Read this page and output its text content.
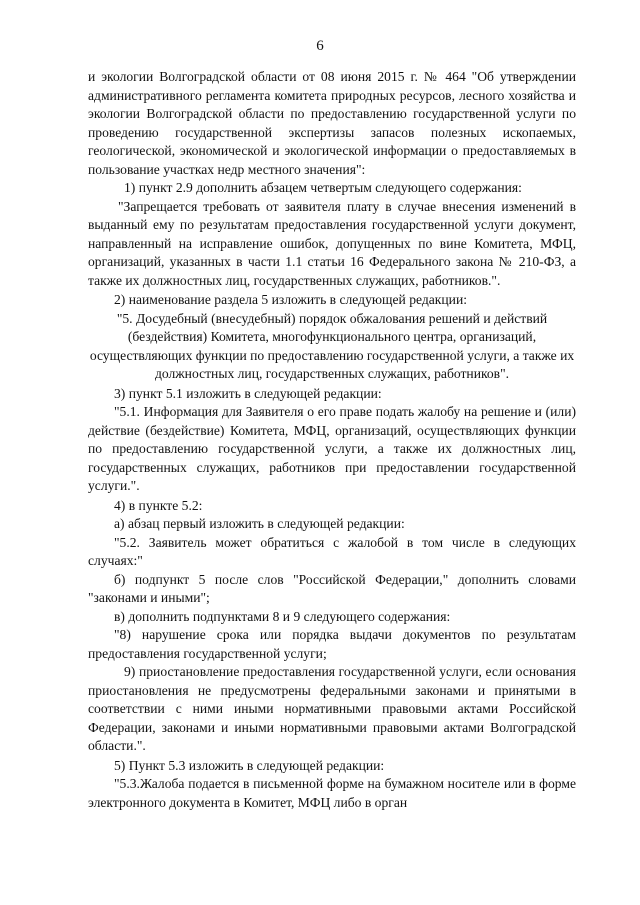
6

и экологии Волгоградской области от 08 июня 2015 г. № 464 "Об утверждении административного регламента комитета природных ресурсов, лесного хозяйства и экологии Волгоградской области по предоставлению государственной услуги по проведению государственной экспертизы запасов полезных ископаемых, геологической, экономической и экологической информации о предоставляемых в пользование участках недр местного значения":

1) пункт 2.9 дополнить абзацем четвертым следующего содержания:

"Запрещается требовать от заявителя плату в случае внесения изменений в выданный ему по результатам предоставления государственной услуги документ, направленный на исправление ошибок, допущенных по вине Комитета, МФЦ, организаций, указанных в части 1.1 статьи 16 Федерального закона № 210-ФЗ, а также их должностных лиц, государственных служащих, работников.".

2) наименование раздела 5 изложить в следующей редакции:

"5. Досудебный (внесудебный) порядок обжалования решений и действий (бездействия) Комитета, многофункционального центра, организаций, осуществляющих функции по предоставлению государственной услуги, а также их должностных лиц, государственных служащих, работников".

3) пункт 5.1 изложить в следующей редакции:

"5.1. Информация для Заявителя о его праве подать жалобу на решение и (или) действие (бездействие) Комитета, МФЦ, организаций, осуществляющих функции по предоставлению государственной услуги, а также их должностных лиц, государственных служащих, работников при предоставлении государственной услуги.".

4) в пункте 5.2:

а) абзац первый изложить в следующей редакции:

"5.2. Заявитель может обратиться с жалобой в том числе в следующих случаях:"

б) подпункт 5 после слов "Российской Федерации," дополнить словами "законами и иными";

в) дополнить подпунктами 8 и 9 следующего содержания:

"8) нарушение срока или порядка выдачи документов по результатам предоставления государственной услуги;

9) приостановление предоставления государственной услуги, если основания приостановления не предусмотрены федеральными законами и принятыми в соответствии с ними иными нормативными правовыми актами Российской Федерации, законами и иными нормативными правовыми актами Волгоградской области.".

5) Пункт 5.3 изложить в следующей редакции:

"5.3.Жалоба подается в письменной форме на бумажном носителе или в форме электронного документа в Комитет, МФЦ либо в орган
